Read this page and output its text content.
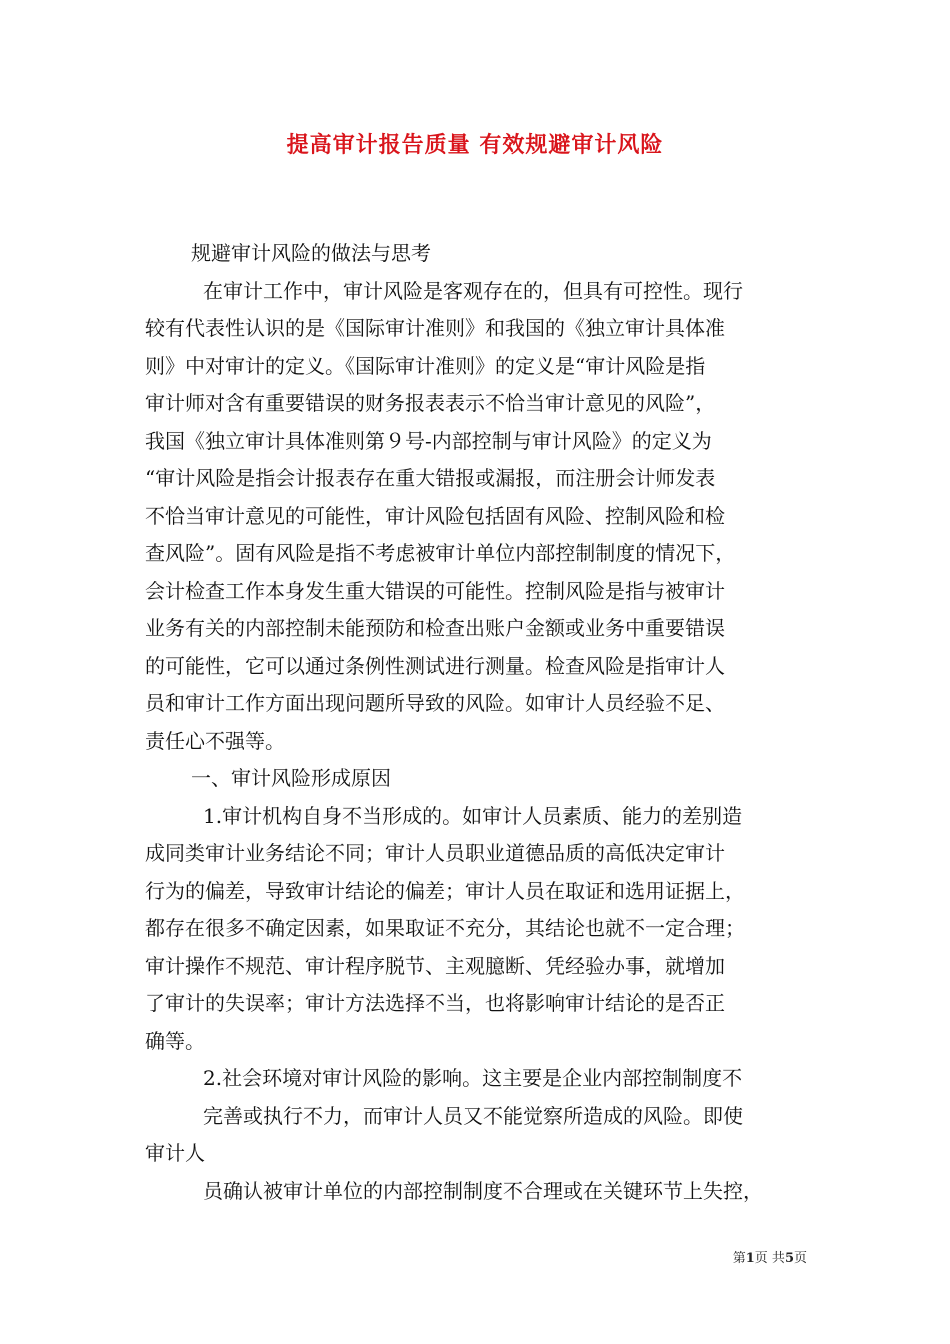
提高审计报告质量 有效规避审计风险

规避审计风险的做法与思考

在审计工作中，审计风险是客观存在的，但具有可控性。现行

较有代表性认识的是《国际审计准则》和我国的《独立审计具体准

则》中对审计的定义。《国际审计准则》的定义是“审计风险是指

审计师对含有重要错误的财务报表表示不恰当审计意见的风险”，

我国《独立审计具体准则第９号-内部控制与审计风险》的定义为

“审计风险是指会计报表存在重大错报或漏报，而注册会计师发表

不恰当审计意见的可能性，审计风险包括固有风险、控制风险和检

查风险”。固有风险是指不考虑被审计单位内部控制制度的情况下，

会计检查工作本身发生重大错误的可能性。控制风险是指与被审计

业务有关的内部控制未能预防和检查出账户金额或业务中重要错误

的可能性，它可以通过条例性测试进行测量。检查风险是指审计人

员和审计工作方面出现问题所导致的风险。如审计人员经验不足、

责任心不强等。

一、审计风险形成原因

1.审计机构自身不当形成的。如审计人员素质、能力的差别造

成同类审计业务结论不同；审计人员职业道德品质的高低决定审计

行为的偏差，导致审计结论的偏差；审计人员在取证和选用证据上，

都存在很多不确定因素，如果取证不充分，其结论也就不一定合理；

审计操作不规范、审计程序脱节、主观臆断、凭经验办事，就增加

了审计的失误率；审计方法选择不当，也将影响审计结论的是否正

确等。

2.社会环境对审计风险的影响。这主要是企业内部控制制度不

完善或执行不力，而审计人员又不能觉察所造成的风险。即使

审计人

员确认被审计单位的内部控制制度不合理或在关键环节上失控，

第1页 共5页
